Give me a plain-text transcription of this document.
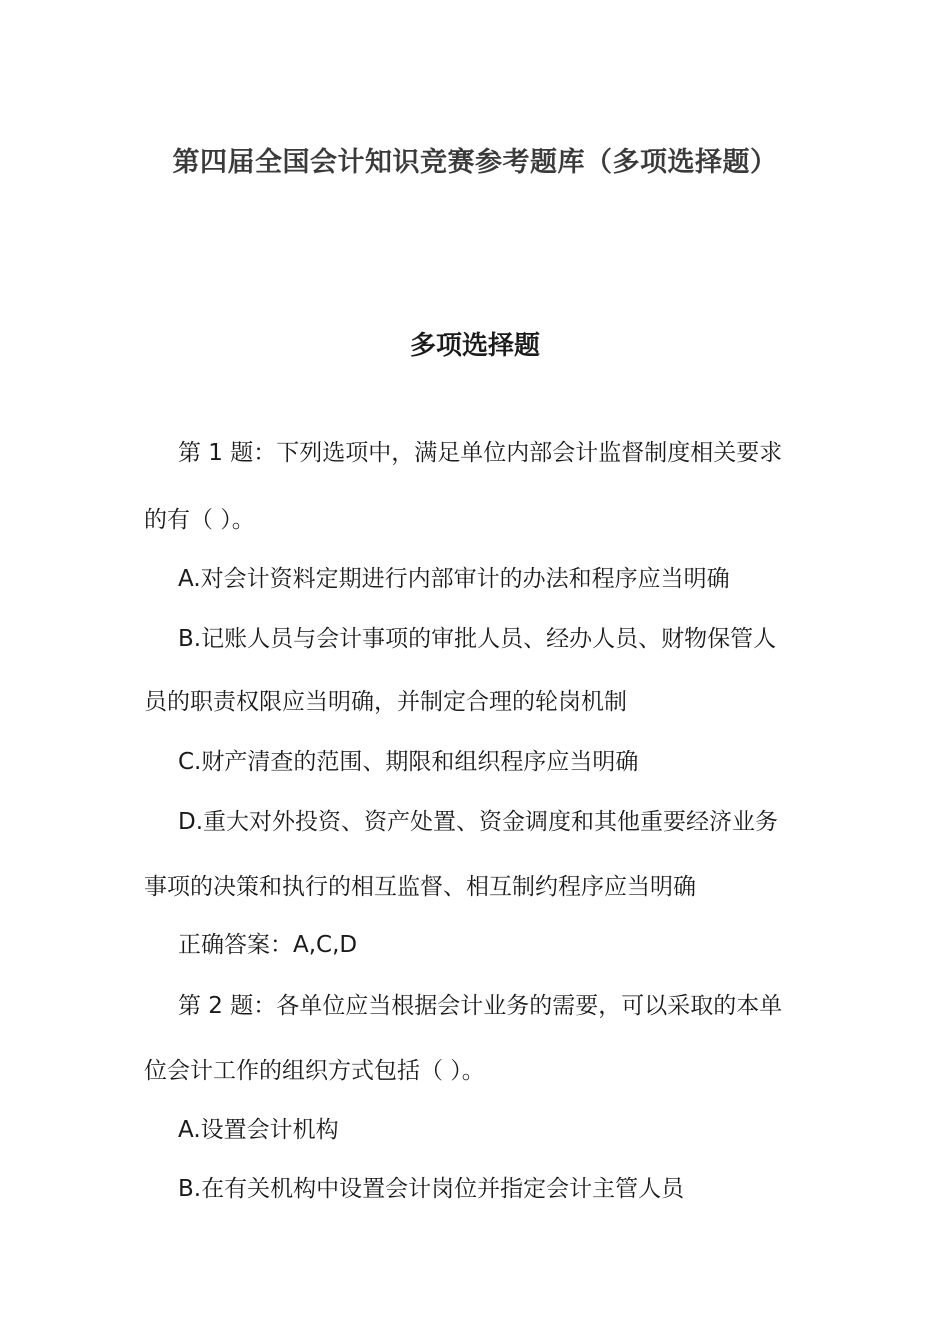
第四届全国会计知识竞赛参考题库（多项选择题）
多项选择题
第 1 题：下列选项中，满足单位内部会计监督制度相关要求
的有（ ）。
A.对会计资料定期进行内部审计的办法和程序应当明确
B.记账人员与会计事项的审批人员、经办人员、财物保管人
员的职责权限应当明确，并制定合理的轮岗机制
C.财产清查的范围、期限和组织程序应当明确
D.重大对外投资、资产处置、资金调度和其他重要经济业务
事项的决策和执行的相互监督、相互制约程序应当明确
正确答案：A,C,D
第 2 题：各单位应当根据会计业务的需要，可以采取的本单
位会计工作的组织方式包括（ ）。
A.设置会计机构
B.在有关机构中设置会计岗位并指定会计主管人员
